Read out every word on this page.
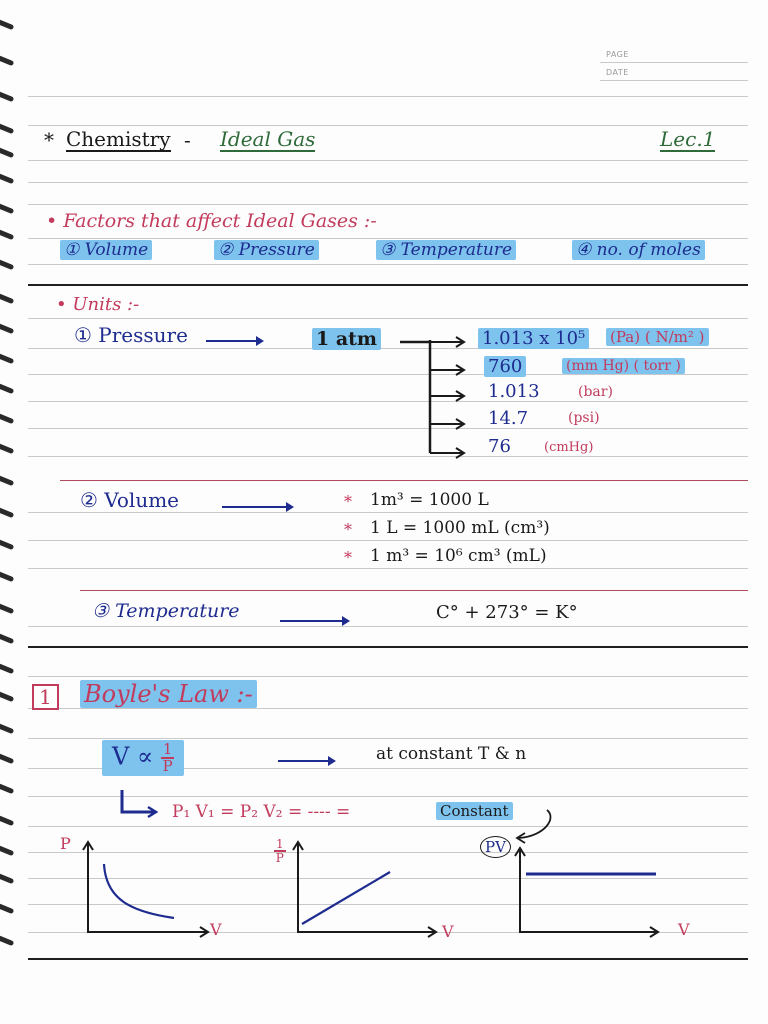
PAGE
DATE
* Chemistry - Ideal Gas	Lec.1
• Factors that affect Ideal Gases :-
① Volume	② Pressure	③ Temperature	④ no. of moles
• Units :-
① Pressure	1 atm	1.013 x 10⁵ (Pa) ( N/m² )
760	(mm Hg) ( torr )
1.013	(bar)
14.7	(psi)
76	(cmHg)
② Volume	* 1m³ = 1000 L
* 1 L = 1000 mL (cm³)
* 1 m³ = 10⁶ cm³ (mL)
③ Temperature	C° + 273° = K°
1 Boyle's Law :-
$V \propto \frac{1}{P}$	at constant T & n
P₁ V₁ = P₂ V₂ = ---- =	Constant
P
V
$\frac{1}{P}$
V
PV
V
